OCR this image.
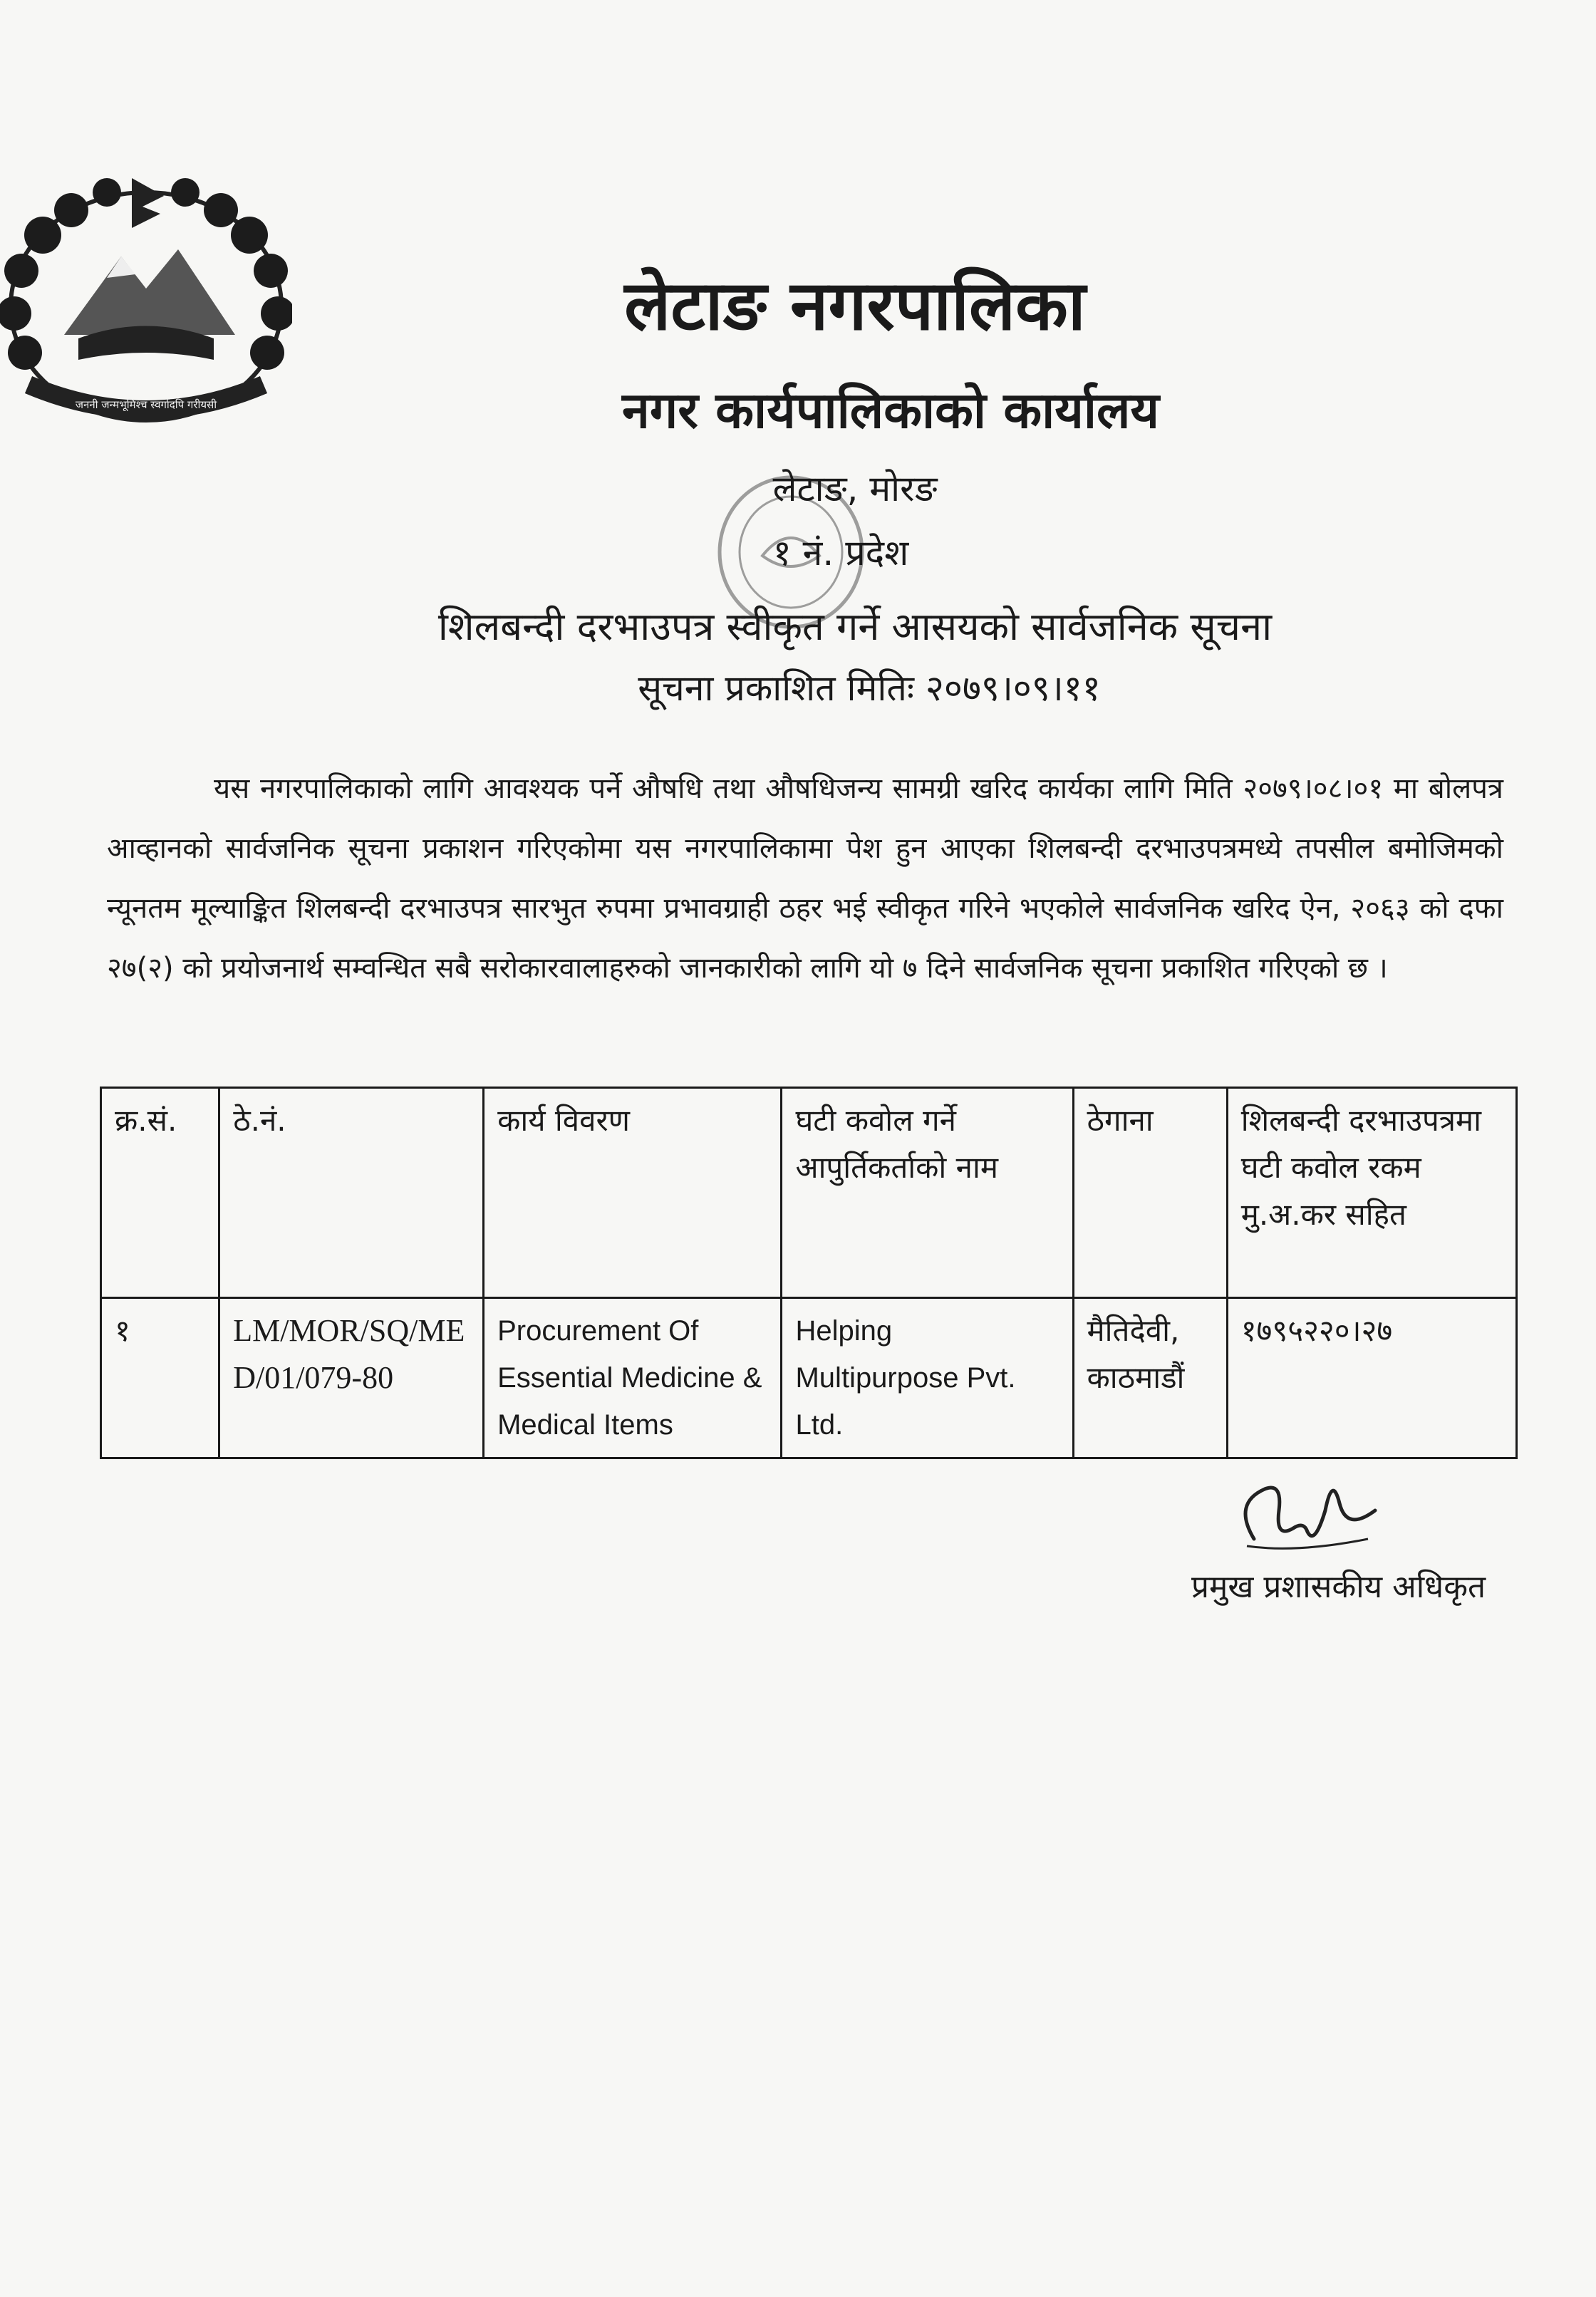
जननी जन्मभूमिश्च स्वर्गादपि गरीयसी
लेटाङ नगरपालिका
नगर कार्यपालिकाको कार्यालय
लेटाङ, मोरङ
१ नं. प्रदेश
शिलबन्दी दरभाउपत्र स्वीकृत गर्ने आसयको सार्वजनिक सूचना
सूचना प्रकाशित मितिः २०७९।०९।११

यस नगरपालिकाको लागि आवश्यक पर्ने औषधि तथा औषधिजन्य सामग्री खरिद कार्यका लागि मिति २०७९।०८।०१ मा बोलपत्र आव्हानको सार्वजनिक सूचना प्रकाशन गरिएकोमा यस नगरपालिकामा पेश हुन आएका शिलबन्दी दरभाउपत्रमध्ये तपसील बमोजिमको न्यूनतम मूल्याङ्कित शिलबन्दी दरभाउपत्र सारभुत रुपमा प्रभावग्राही ठहर भई स्वीकृत गरिने भएकोले सार्वजनिक खरिद ऐन, २०६३ को दफा २७(२) को प्रयोजनार्थ सम्वन्धित सबै सरोकारवालाहरुको जानकारीको लागि यो ७ दिने सार्वजनिक सूचना प्रकाशित गरिएको छ ।

क्र.सं.	ठे.नं.	कार्य विवरण	घटी कवोल गर्ने आपुर्तिकर्ताको नाम	ठेगाना	शिलबन्दी दरभाउपत्रमा घटी कवोल रकम मु.अ.कर सहित
१	LM/MOR/SQ/MED/01/079-80	Procurement Of Essential Medicine & Medical Items	Helping Multipurpose Pvt. Ltd.	मैतिदेवी, काठमाडौं	१७९५२२०।२७
प्रमुख प्रशासकीय अधिकृत
